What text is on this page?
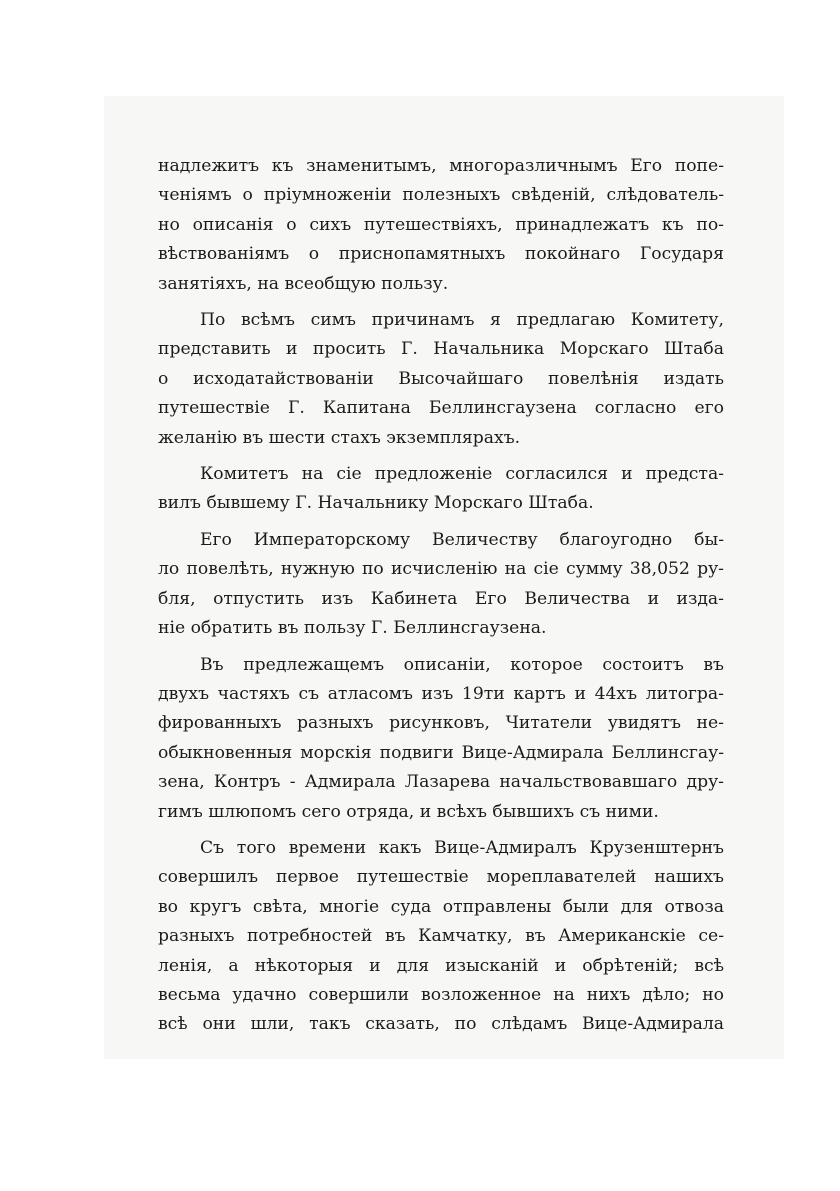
надлежитъ къ знаменитымъ, многоразличнымъ Его попе-
ченіямъ о пріумноженіи полезныхъ свѣденій, слѣдователь-
но описанія о сихъ путешествіяхъ, принадлежатъ къ по-
вѣствованіямъ о приснопамятныхъ покойнаго Государя
занятіяхъ, на всеобщую пользу.
По всѣмъ симъ причинамъ я предлагаю Комитету,
представить и просить Г. Начальника Морскаго Штаба
о исходатайствованіи Высочайшаго повелѣнія издать
путешествіе Г. Капитана Беллинсгаузена согласно его
желанію въ шести стахъ экземплярахъ.
Комитетъ на сіе предложеніе согласился и предста-
вилъ бывшему Г. Начальнику Морскаго Штаба.
Его Императорскому Величеству благоугодно бы-
ло повелѣть, нужную по исчисленію на сіе сумму 38,052 ру-
бля, отпустить изъ Кабинета Его Величества и изда-
ніе обратить въ пользу Г. Беллинсгаузена.
Въ предлежащемъ описаніи, которое состоитъ въ
двухъ частяхъ съ атласомъ изъ 19ти картъ и 44хъ литогра-
фированныхъ разныхъ рисунковъ, Читатели увидятъ не-
обыкновенныя морскія подвиги Вице-Адмирала Беллинсгау-
зена, Контръ - Адмирала Лазарева начальствовавшаго дру-
гимъ шлюпомъ сего отряда, и всѣхъ бывшихъ съ ними.
Съ того времени какъ Вице-Адмиралъ Крузенштернъ
совершилъ первое путешествіе мореплавателей нашихъ
во кругъ свѣта, многіе суда отправлены были для отвоза
разныхъ потребностей въ Камчатку, въ Американскіе се-
ленія, а нѣкоторыя и для изысканій и обрѣтеній; всѣ
весьма удачно совершили возложенное на нихъ дѣло; но
всѣ они шли, такъ сказать, по слѣдамъ Вице-Адмирала
